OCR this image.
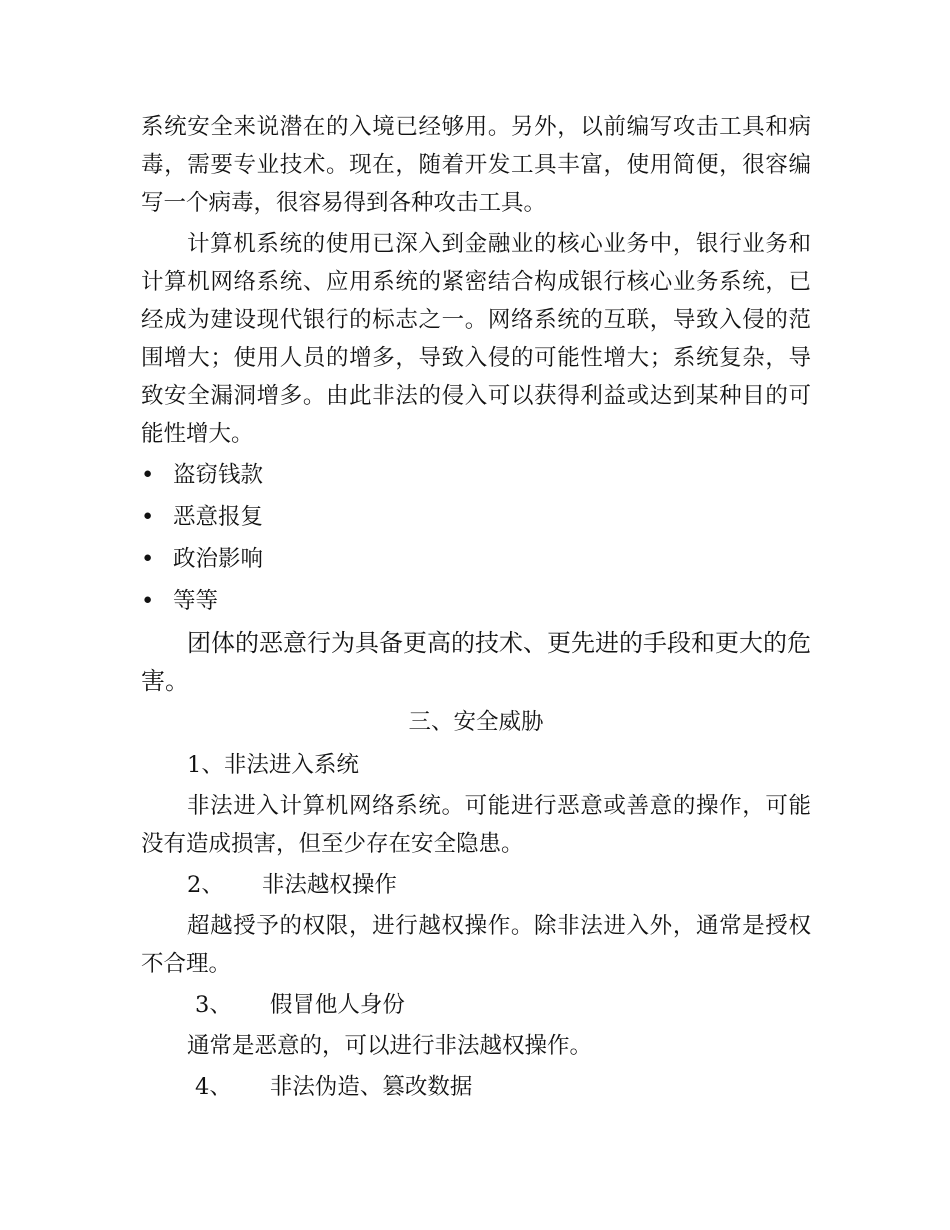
系统安全来说潜在的入境已经够用。另外，以前编写攻击工具和病毒，需要专业技术。现在，随着开发工具丰富，使用简便，很容编写一个病毒，很容易得到各种攻击工具。

计算机系统的使用已深入到金融业的核心业务中，银行业务和计算机网络系统、应用系统的紧密结合构成银行核心业务系统，已经成为建设现代银行的标志之一。网络系统的互联，导致入侵的范围增大；使用人员的增多，导致入侵的可能性增大；系统复杂，导致安全漏洞增多。由此非法的侵入可以获得利益或达到某种目的可能性增大。

• 盗窃钱款
• 恶意报复
• 政治影响
• 等等

团体的恶意行为具备更高的技术、更先进的手段和更大的危害。

三、安全威胁
1、非法进入系统

非法进入计算机网络系统。可能进行恶意或善意的操作，可能没有造成损害，但至少存在安全隐患。

2、 非法越权操作

超越授予的权限，进行越权操作。除非法进入外，通常是授权不合理。

3、 假冒他人身份

通常是恶意的，可以进行非法越权操作。

4、 非法伪造、篡改数据
